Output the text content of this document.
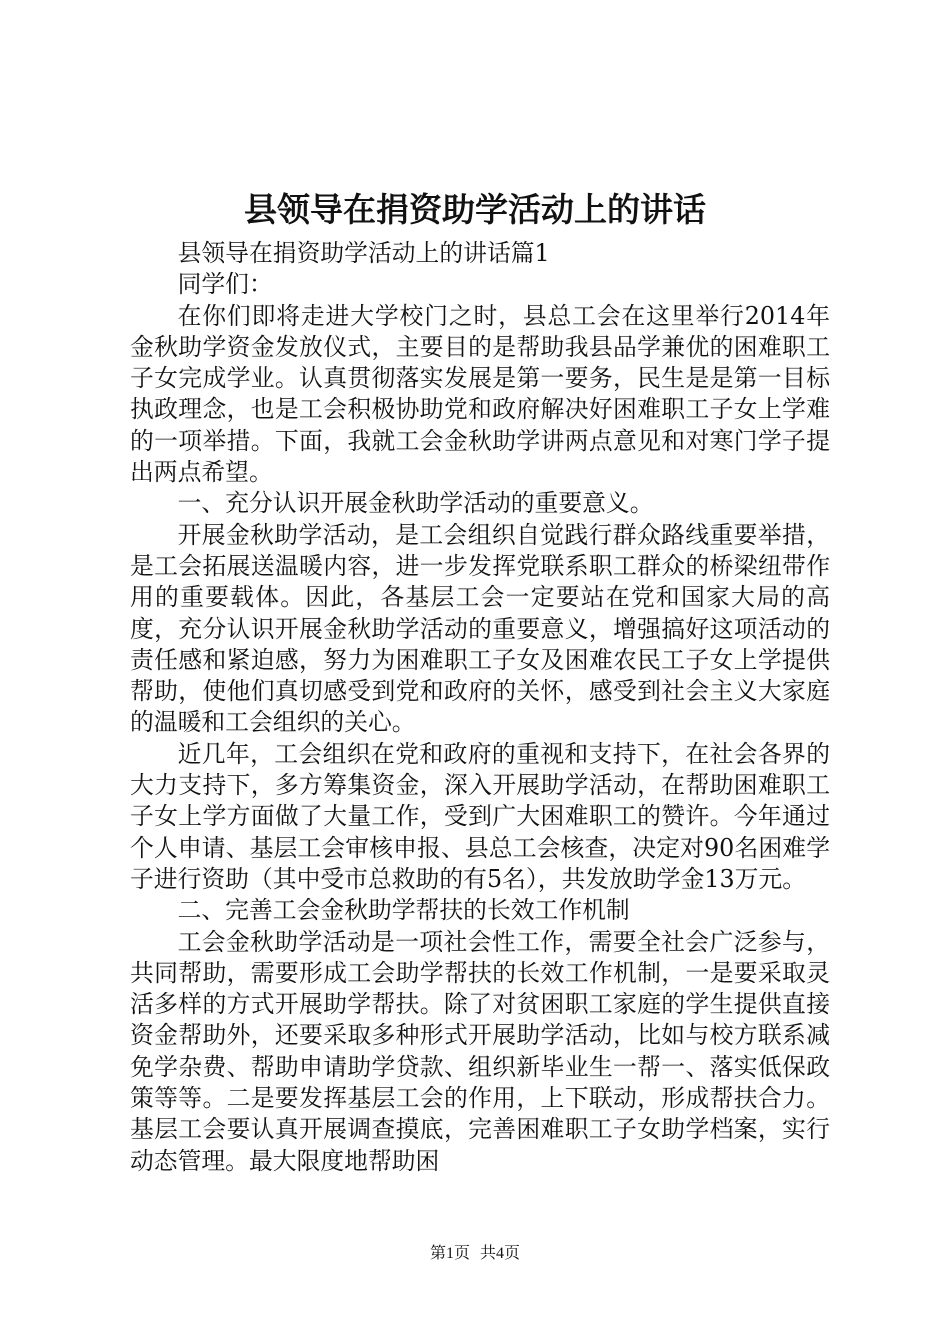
县领导在捐资助学活动上的讲话

县领导在捐资助学活动上的讲话篇1

同学们：

在你们即将走进大学校门之时，县总工会在这里举行2014年金秋助学资金发放仪式，主要目的是帮助我县品学兼优的困难职工子女完成学业。认真贯彻落实发展是第一要务，民生是是第一目标执政理念，也是工会积极协助党和政府解决好困难职工子女上学难的一项举措。下面，我就工会金秋助学讲两点意见和对寒门学子提出两点希望。

一、充分认识开展金秋助学活动的重要意义。

开展金秋助学活动，是工会组织自觉践行群众路线重要举措，是工会拓展送温暖内容，进一步发挥党联系职工群众的桥梁纽带作用的重要载体。因此，各基层工会一定要站在党和国家大局的高度，充分认识开展金秋助学活动的重要意义，增强搞好这项活动的责任感和紧迫感，努力为困难职工子女及困难农民工子女上学提供帮助，使他们真切感受到党和政府的关怀，感受到社会主义大家庭的温暖和工会组织的关心。

近几年，工会组织在党和政府的重视和支持下，在社会各界的大力支持下，多方筹集资金，深入开展助学活动，在帮助困难职工子女上学方面做了大量工作，受到广大困难职工的赞许。今年通过个人申请、基层工会审核申报、县总工会核查，决定对90名困难学子进行资助（其中受市总救助的有5名），共发放助学金13万元。

二、完善工会金秋助学帮扶的长效工作机制

工会金秋助学活动是一项社会性工作，需要全社会广泛参与，共同帮助，需要形成工会助学帮扶的长效工作机制，一是要采取灵活多样的方式开展助学帮扶。除了对贫困职工家庭的学生提供直接资金帮助外，还要采取多种形式开展助学活动，比如与校方联系减免学杂费、帮助申请助学贷款、组织新毕业生一帮一、落实低保政策等等。二是要发挥基层工会的作用，上下联动，形成帮扶合力。基层工会要认真开展调查摸底，完善困难职工子女助学档案，实行动态管理。最大限度地帮助困

第1页 共4页
